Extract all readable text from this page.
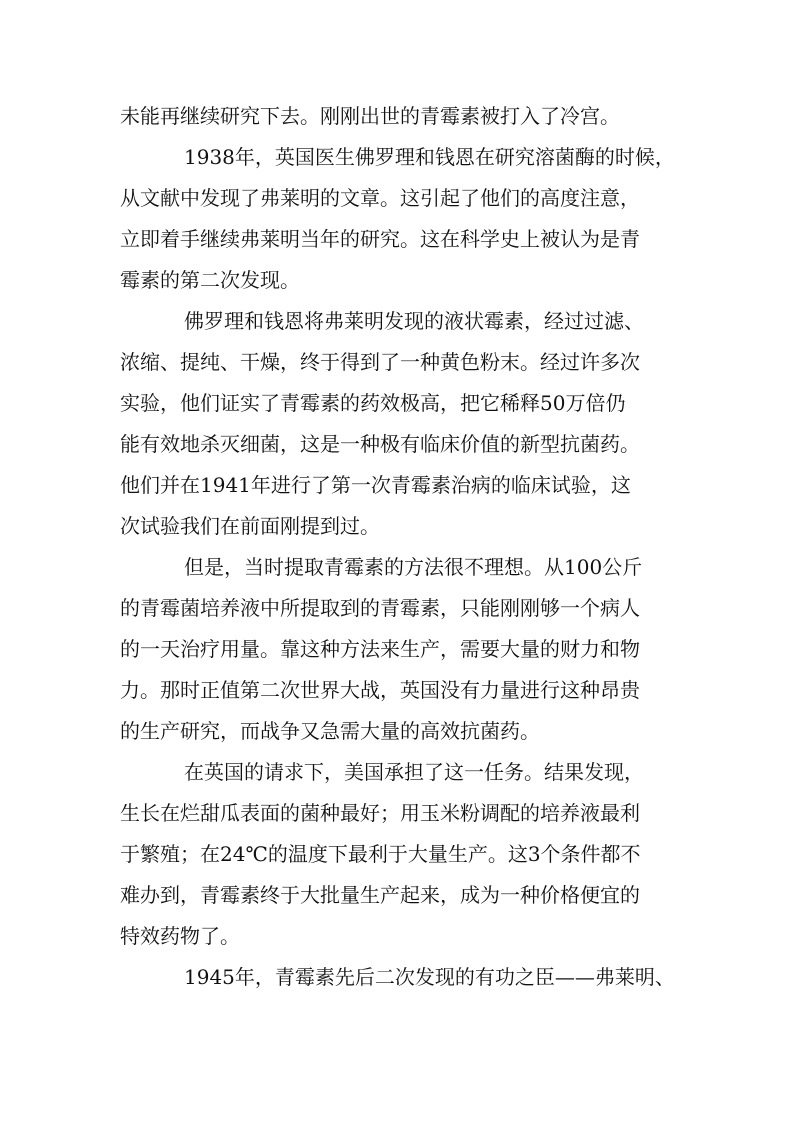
未能再继续研究下去。刚刚出世的青霉素被打入了冷宫。
1938年，英国医生佛罗理和钱恩在研究溶菌酶的时候，
从文献中发现了弗莱明的文章。这引起了他们的高度注意，
立即着手继续弗莱明当年的研究。这在科学史上被认为是青
霉素的第二次发现。
佛罗理和钱恩将弗莱明发现的液状霉素，经过过滤、
浓缩、提纯、干燥，终于得到了一种黄色粉末。经过许多次
实验，他们证实了青霉素的药效极高，把它稀释50万倍仍
能有效地杀灭细菌，这是一种极有临床价值的新型抗菌药。
他们并在1941年进行了第一次青霉素治病的临床试验，这
次试验我们在前面刚提到过。
但是，当时提取青霉素的方法很不理想。从100公斤
的青霉菌培养液中所提取到的青霉素，只能刚刚够一个病人
的一天治疗用量。靠这种方法来生产，需要大量的财力和物
力。那时正值第二次世界大战，英国没有力量进行这种昂贵
的生产研究，而战争又急需大量的高效抗菌药。
在英国的请求下，美国承担了这一任务。结果发现，
生长在烂甜瓜表面的菌种最好；用玉米粉调配的培养液最利
于繁殖；在24℃的温度下最利于大量生产。这3个条件都不
难办到，青霉素终于大批量生产起来，成为一种价格便宜的
特效药物了。
1945年，青霉素先后二次发现的有功之臣——弗莱明、
